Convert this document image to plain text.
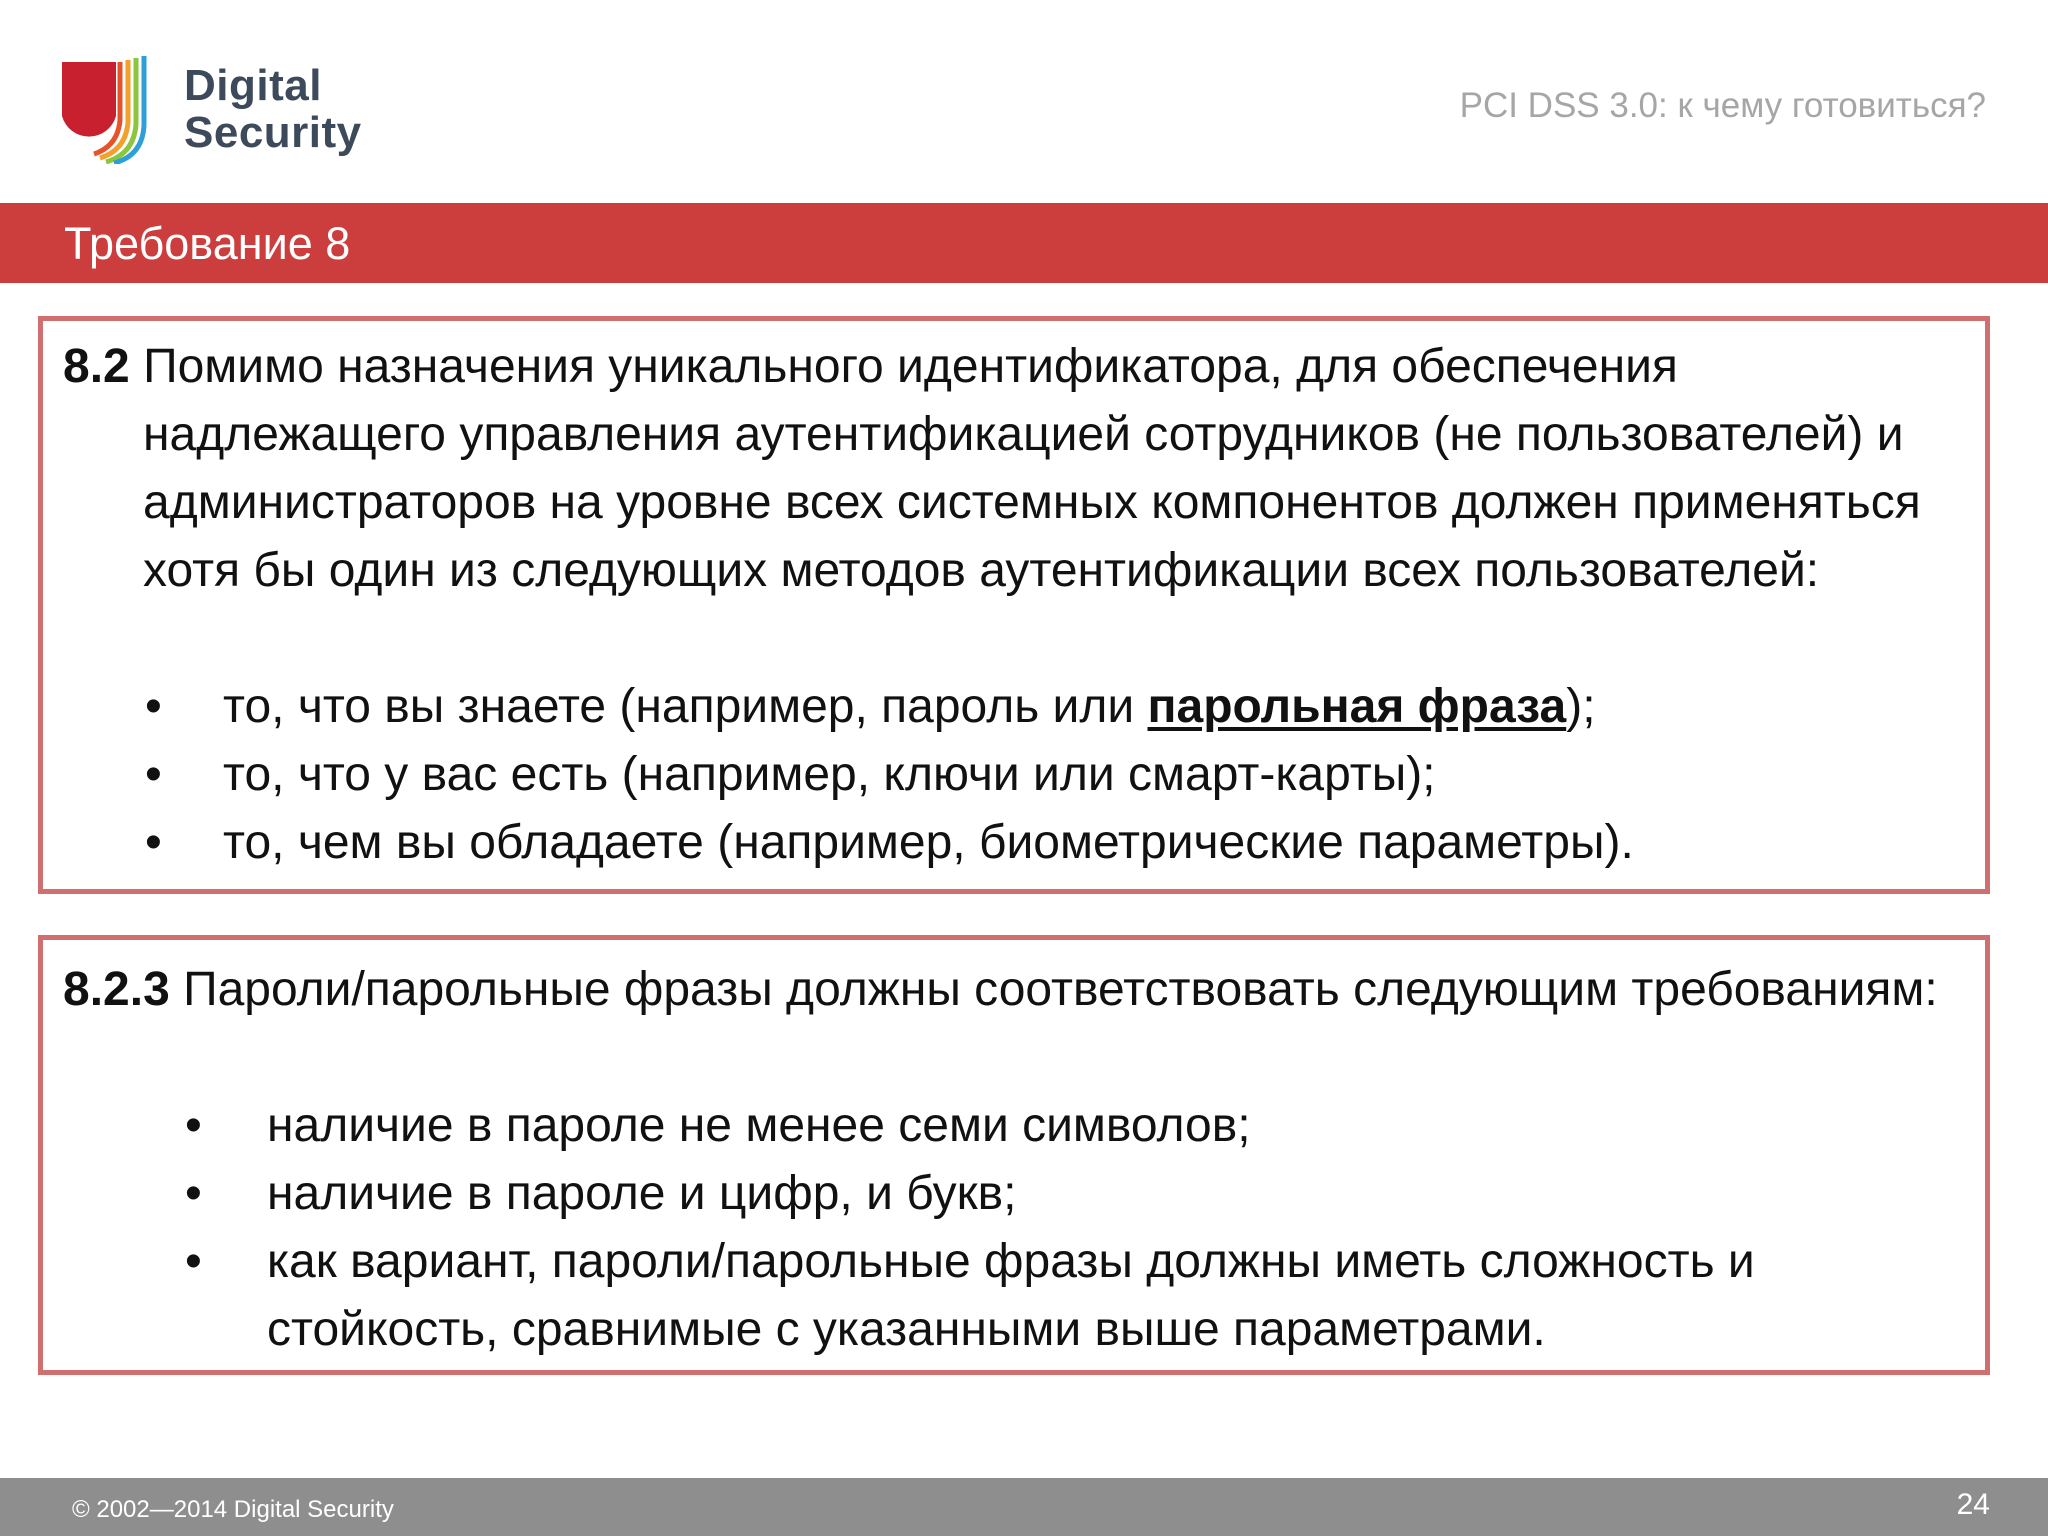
Digital
Security
PCI DSS 3.0: к чему готовиться?
Требование 8
8.2 Помимо назначения уникального идентификатора, для обеспечения надлежащего управления аутентификацией сотрудников (не пользователей) и администраторов на уровне всех системных компонентов должен применяться хотя бы один из следующих методов аутентификации всех пользователей:
• то, что вы знаете (например, пароль или парольная фраза);
• то, что у вас есть (например, ключи или смарт-карты);
• то, чем вы обладаете (например, биометрические параметры).
8.2.3 Пароли/парольные фразы должны соответствовать следующим требованиям:
• наличие в пароле не менее семи символов;
• наличие в пароле и цифр, и букв;
• как вариант, пароли/парольные фразы должны иметь сложность и стойкость, сравнимые с указанными выше параметрами.
© 2002—2014 Digital Security	24
